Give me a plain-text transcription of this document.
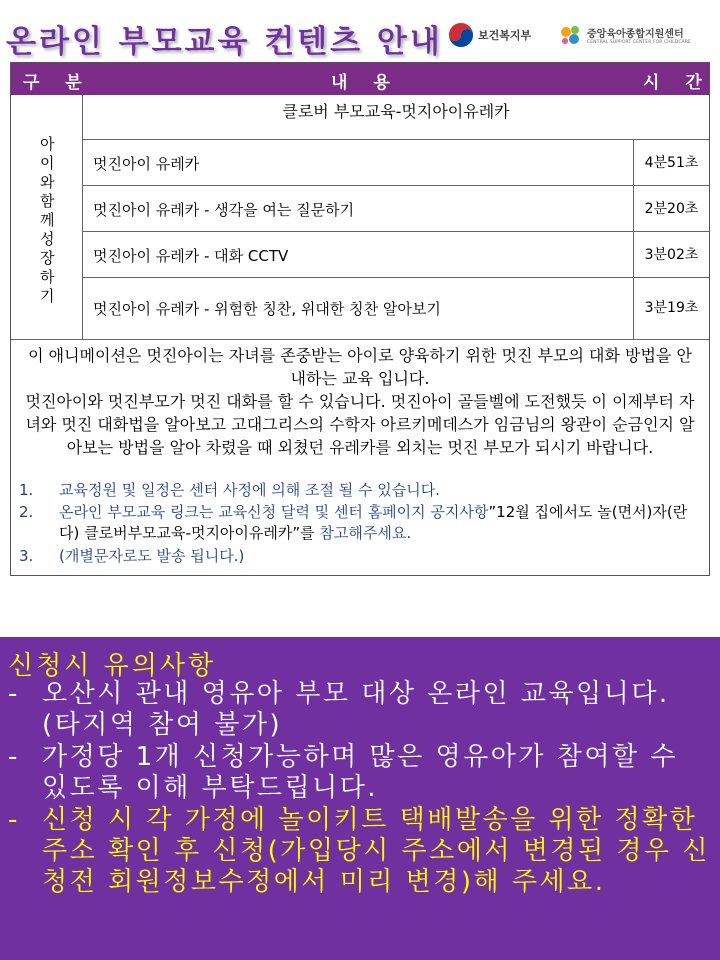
온라인 부모교육 컨텐츠 안내	보건복지부	중앙육아종합지원센터
CENTRAL SUPPORT CENTER FOR CHILDCARE
구 분	내 용	시 간
아이와함께성장하기
클로버 부모교육-멋지아이유레카
멋진아이 유레카	4분51초
멋진아이 유레카 - 생각을 여는 질문하기	2분20초
멋진아이 유레카 - 대화 CCTV	3분02초
멋진아이 유레카 - 위험한 칭찬, 위대한 칭찬 알아보기	3분19초

이 애니메이션은 멋진아이는 자녀를 존중받는 아이로 양육하기 위한 멋진 부모의 대화 방법을 안내하는 교육 입니다.

멋진아이와 멋진부모가 멋진 대화를 할 수 있습니다. 멋진아이 골들벨에 도전했듯 이 이제부터 자녀와 멋진 대화법을 알아보고 고대그리스의 수학자 아르키메데스가 임금님의 왕관이 순금인지 알아보는 방법을 알아 차렸을 때 외쳤던 유레카를 외치는 멋진 부모가 되시기 바랍니다.

1. 교육정원 및 일정은 센터 사정에 의해 조절 될 수 있습니다.
2. 온라인 부모교육 링크는 교육신청 달력 및 센터 홈페이지 공지사항”12월 집에서도 놀(면서)자(란다) 클로버부모교육-멋지아이유레카”를 참고해주세요.
3. (개별문자로도 발송 됩니다.)
신청시 유의사항
- 오산시 관내 영유아 부모 대상 온라인 교육입니다. (타지역 참여 불가)
- 가정당 1개 신청가능하며 많은 영유아가 참여할 수 있도록 이해 부탁드립니다.
- 신청 시 각 가정에 놀이키트 택배발송을 위한 정확한 주소 확인 후 신청(가입당시 주소에서 변경된 경우 신청전 회원정보수정에서 미리 변경)해 주세요.
